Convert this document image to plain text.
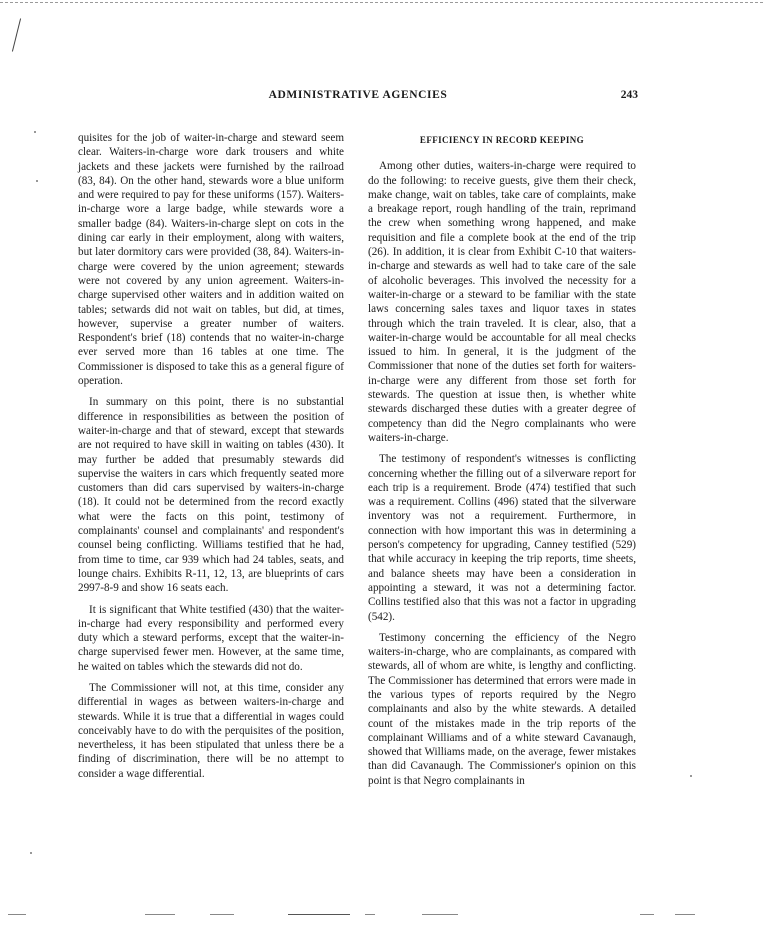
ADMINISTRATIVE AGENCIES	243

quisites for the job of waiter-in-charge and steward seem clear. Waiters-in-charge wore dark trousers and white jackets and these jackets were furnished by the railroad (83, 84). On the other hand, stewards wore a blue uniform and were required to pay for these uniforms (157). Waiters-in-charge wore a large badge, while stewards wore a smaller badge (84). Waiters-in-charge slept on cots in the dining car early in their employment, along with waiters, but later dormitory cars were provided (38, 84). Waiters-in-charge were covered by the union agreement; stewards were not covered by any union agreement. Waiters-in-charge supervised other waiters and in addition waited on tables; setwards did not wait on tables, but did, at times, however, supervise a greater number of waiters. Respondent's brief (18) contends that no waiter-in-charge ever served more than 16 tables at one time. The Commissioner is disposed to take this as a general figure of operation.

In summary on this point, there is no substantial difference in responsibilities as between the position of waiter-in-charge and that of steward, except that stewards are not required to have skill in waiting on tables (430). It may further be added that presumably stewards did supervise the waiters in cars which frequently seated more customers than did cars supervised by waiters-in-charge (18). It could not be determined from the record exactly what were the facts on this point, testimony of complainants' counsel and complainants' and respondent's counsel being conflicting. Williams testified that he had, from time to time, car 939 which had 24 tables, seats, and lounge chairs. Exhibits R-11, 12, 13, are blueprints of cars 2997-8-9 and show 16 seats each.

It is significant that White testified (430) that the waiter-in-charge had every responsibility and performed every duty which a steward performs, except that the waiter-in-charge supervised fewer men. However, at the same time, he waited on tables which the stewards did not do.

The Commissioner will not, at this time, consider any differential in wages as between waiters-in-charge and stewards. While it is true that a differential in wages could conceivably have to do with the perquisites of the position, nevertheless, it has been stipulated that unless there be a finding of discrimination, there will be no attempt to consider a wage differential.

EFFICIENCY IN RECORD KEEPING

Among other duties, waiters-in-charge were required to do the following: to receive guests, give them their check, make change, wait on tables, take care of complaints, make a breakage report, rough handling of the train, reprimand the crew when something wrong happened, and make requisition and file a complete book at the end of the trip (26). In addition, it is clear from Exhibit C-10 that waiters-in-charge and stewards as well had to take care of the sale of alcoholic beverages. This involved the necessity for a waiter-in-charge or a steward to be familiar with the state laws concerning sales taxes and liquor taxes in states through which the train traveled. It is clear, also, that a waiter-in-charge would be accountable for all meal checks issued to him. In general, it is the judgment of the Commissioner that none of the duties set forth for waiters-in-charge were any different from those set forth for stewards. The question at issue then, is whether white stewards discharged these duties with a greater degree of competency than did the Negro complainants who were waiters-in-charge.

The testimony of respondent's witnesses is conflicting concerning whether the filling out of a silverware report for each trip is a requirement. Brode (474) testified that such was a requirement. Collins (496) stated that the silverware inventory was not a requirement. Furthermore, in connection with how important this was in determining a person's competency for upgrading, Canney testified (529) that while accuracy in keeping the trip reports, time sheets, and balance sheets may have been a consideration in appointing a steward, it was not a determining factor. Collins testified also that this was not a factor in upgrading (542).

Testimony concerning the efficiency of the Negro waiters-in-charge, who are complainants, as compared with stewards, all of whom are white, is lengthy and conflicting. The Commissioner has determined that errors were made in the various types of reports required by the Negro complainants and also by the white stewards. A detailed count of the mistakes made in the trip reports of the complainant Williams and of a white steward Cavanaugh, showed that Williams made, on the average, fewer mistakes than did Cavanaugh. The Commissioner's opinion on this point is that Negro complainants in
